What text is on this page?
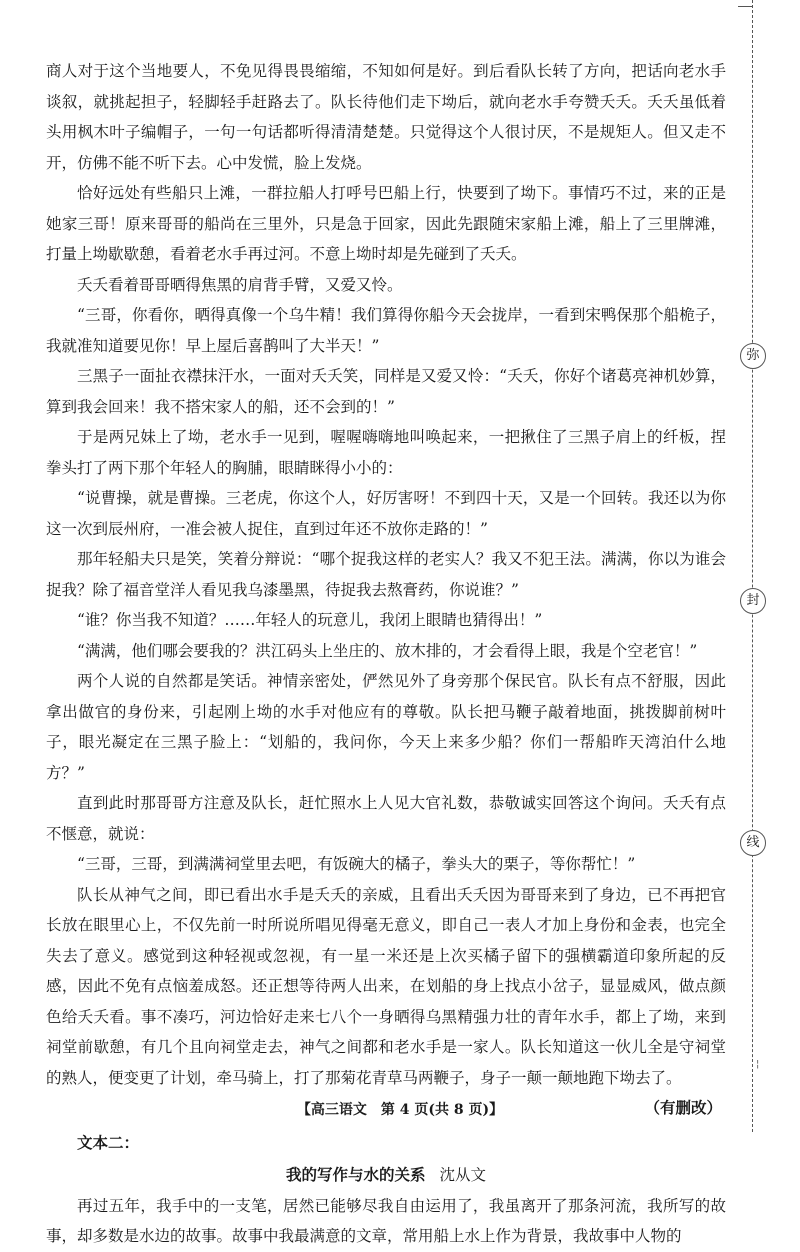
弥
封
线

商人对于这个当地要人，不免见得畏畏缩缩，不知如何是好。到后看队长转了方向，把话向老水手谈叙，就挑起担子，轻脚轻手赶路去了。队长待他们走下坳后，就向老水手夸赞夭夭。夭夭虽低着头用枫木叶子编帽子，一句一句话都听得清清楚楚。只觉得这个人很讨厌，不是规矩人。但又走不开，仿佛不能不听下去。心中发慌，脸上发烧。

恰好远处有些船只上滩，一群拉船人打呼号巴船上行，快要到了坳下。事情巧不过，来的正是她家三哥！原来哥哥的船尚在三里外，只是急于回家，因此先跟随宋家船上滩，船上了三里牌滩，打量上坳歇歇憩，看着老水手再过河。不意上坳时却是先碰到了夭夭。

夭夭看着哥哥晒得焦黑的肩背手臂，又爱又怜。

“三哥，你看你，晒得真像一个乌牛精！我们算得你船今天会拢岸，一看到宋鸭保那个船桅子，我就准知道要见你！早上屋后喜鹊叫了大半天！”

三黑子一面扯衣襟抹汗水，一面对夭夭笑，同样是又爱又怜：“夭夭，你好个诸葛亮神机妙算，算到我会回来！我不搭宋家人的船，还不会到的！”

于是两兄妹上了坳，老水手一见到，喔喔嗨嗨地叫唤起来，一把揪住了三黑子肩上的纤板，捏拳头打了两下那个年轻人的胸脯，眼睛眯得小小的：

“说曹操，就是曹操。三老虎，你这个人，好厉害呀！不到四十天，又是一个回转。我还以为你这一次到辰州府，一准会被人捉住，直到过年还不放你走路的！”

那年轻船夫只是笑，笑着分辩说：“哪个捉我这样的老实人？我又不犯王法。满满，你以为谁会捉我？除了福音堂洋人看见我乌漆墨黑，待捉我去熬膏药，你说谁？”

“谁？你当我不知道？……年轻人的玩意儿，我闭上眼睛也猜得出！”

“满满，他们哪会要我的？洪江码头上坐庄的、放木排的，才会看得上眼，我是个空老官！”

两个人说的自然都是笑话。神情亲密处，俨然见外了身旁那个保民官。队长有点不舒服，因此拿出做官的身份来，引起刚上坳的水手对他应有的尊敬。队长把马鞭子敲着地面，挑拨脚前树叶子，眼光凝定在三黑子脸上：“划船的，我问你，今天上来多少船？你们一帮船昨天湾泊什么地方？”

直到此时那哥哥方注意及队长，赶忙照水上人见大官礼数，恭敬诚实回答这个询问。夭夭有点不惬意，就说：

“三哥，三哥，到满满祠堂里去吧，有饭碗大的橘子，拳头大的栗子，等你帮忙！”

队长从神气之间，即已看出水手是夭夭的亲威，且看出夭夭因为哥哥来到了身边，已不再把官长放在眼里心上，不仅先前一时所说所唱见得毫无意义，即自己一表人才加上身份和金表，也完全失去了意义。感觉到这种轻视或忽视，有一星一米还是上次买橘子留下的强横霸道印象所起的反感，因此不免有点恼羞成怒。还正想等待两人出来，在划船的身上找点小岔子，显显威风，做点颜色给夭夭看。事不凑巧，河边恰好走来七八个一身晒得乌黑精强力壮的青年水手，都上了坳，来到祠堂前歇憩，有几个且向祠堂走去，神气之间都和老水手是一家人。队长知道这一伙儿全是守祠堂的熟人，便变更了计划，牵马骑上，打了那菊花青草马两鞭子，身子一颠一颠地跑下坳去了。

（有删改）

文本二：

我的写作与水的关系 沈从文

再过五年，我手中的一支笔，居然已能够尽我自由运用了，我虽离开了那条河流，我所写的故事，却多数是水边的故事。故事中我最满意的文章，常用船上水上作为背景，我故事中人物的

【高三语文　第 4 页(共 8 页)】
¦
